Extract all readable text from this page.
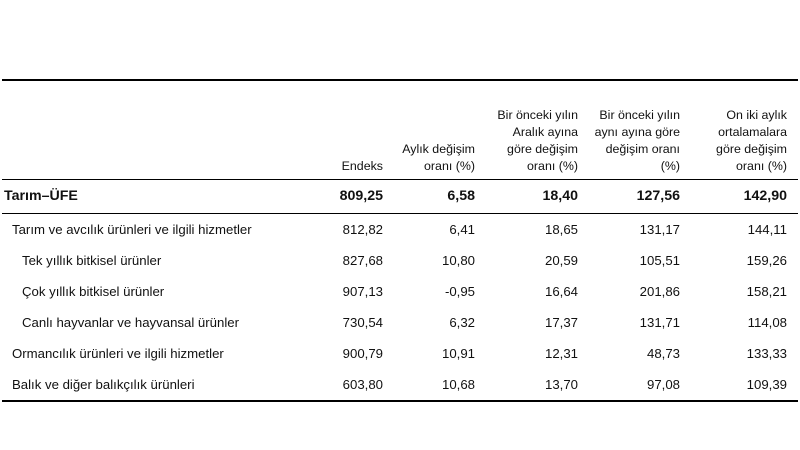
	Endeks	Aylık değişim oranı (%)	Bir önceki yılın Aralık ayına göre değişim oranı (%)	Bir önceki yılın aynı ayına göre değişim oranı (%)	On iki aylık ortalamalara göre değişim oranı (%)
Tarım–ÜFE	809,25	6,58	18,40	127,56	142,90
Tarım ve avcılık ürünleri ve ilgili hizmetler	812,82	6,41	18,65	131,17	144,11
Tek yıllık bitkisel ürünler	827,68	10,80	20,59	105,51	159,26
Çok yıllık bitkisel ürünler	907,13	-0,95	16,64	201,86	158,21
Canlı hayvanlar ve hayvansal ürünler	730,54	6,32	17,37	131,71	114,08
Ormancılık ürünleri ve ilgili hizmetler	900,79	10,91	12,31	48,73	133,33
Balık ve diğer balıkçılık ürünleri	603,80	10,68	13,70	97,08	109,39
